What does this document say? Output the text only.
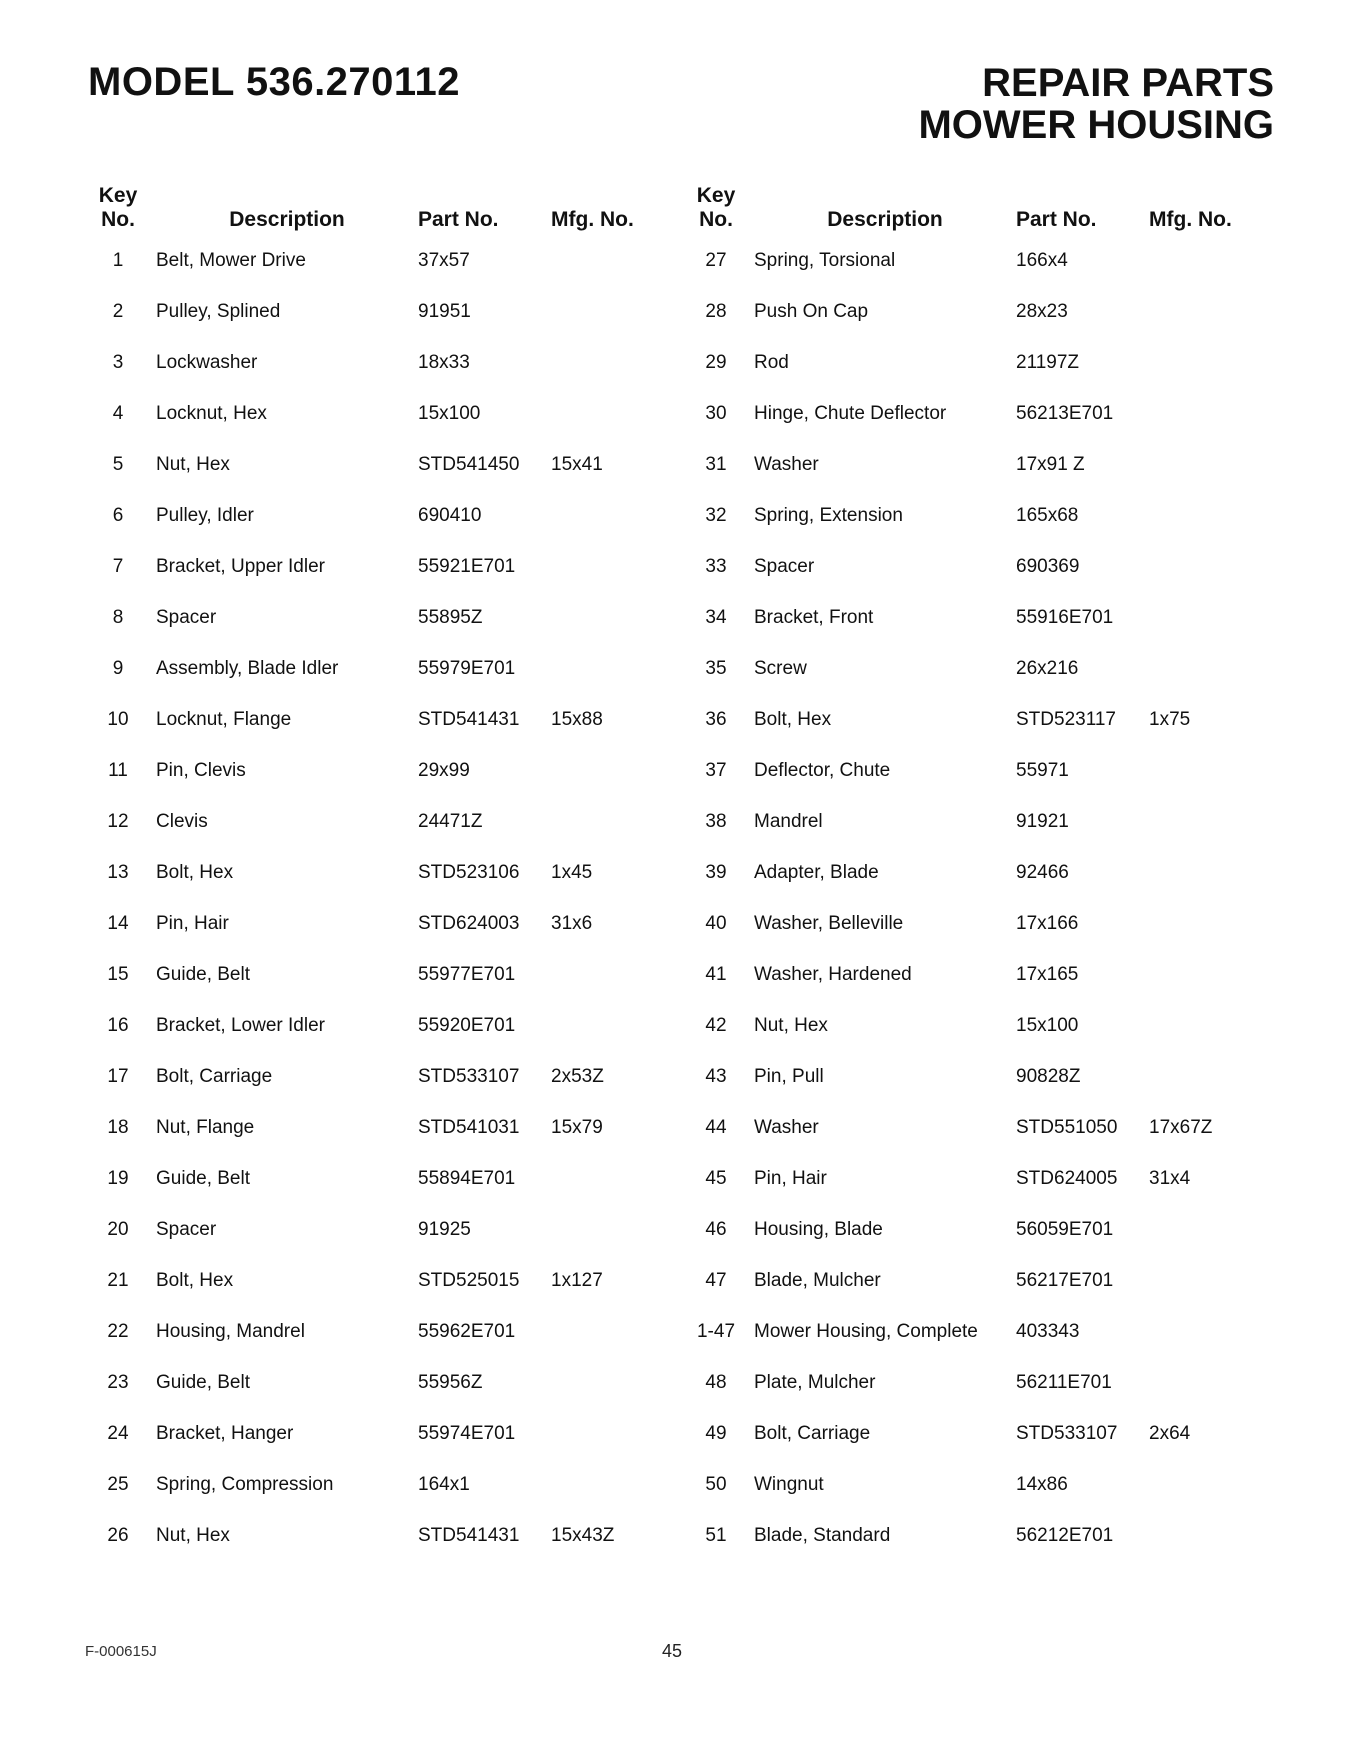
MODEL 536.270112	REPAIR PARTS
MOWER HOUSING
Key
No.	Description	Part No.	Mfg. No.
1	Belt, Mower Drive	37x57	
2	Pulley, Splined	91951	
3	Lockwasher	18x33	
4	Locknut, Hex	15x100	
5	Nut, Hex	STD541450	15x41
6	Pulley, Idler	690410	
7	Bracket, Upper Idler	55921E701	
8	Spacer	55895Z	
9	Assembly, Blade Idler	55979E701	
10	Locknut, Flange	STD541431	15x88
11	Pin, Clevis	29x99	
12	Clevis	24471Z	
13	Bolt, Hex	STD523106	1x45
14	Pin, Hair	STD624003	31x6
15	Guide, Belt	55977E701	
16	Bracket, Lower Idler	55920E701	
17	Bolt, Carriage	STD533107	2x53Z
18	Nut, Flange	STD541031	15x79
19	Guide, Belt	55894E701	
20	Spacer	91925	
21	Bolt, Hex	STD525015	1x127
22	Housing, Mandrel	55962E701	
23	Guide, Belt	55956Z	
24	Bracket, Hanger	55974E701	
25	Spring, Compression	164x1	
26	Nut, Hex	STD541431	15x43Z
Key
No.	Description	Part No.	Mfg. No.
27	Spring, Torsional	166x4	
28	Push On Cap	28x23	
29	Rod	21197Z	
30	Hinge, Chute Deflector	56213E701	
31	Washer	17x91 Z	
32	Spring, Extension	165x68	
33	Spacer	690369	
34	Bracket, Front	55916E701	
35	Screw	26x216	
36	Bolt, Hex	STD523117	1x75
37	Deflector, Chute	55971	
38	Mandrel	91921	
39	Adapter, Blade	92466	
40	Washer, Belleville	17x166	
41	Washer, Hardened	17x165	
42	Nut, Hex	15x100	
43	Pin, Pull	90828Z	
44	Washer	STD551050	17x67Z
45	Pin, Hair	STD624005	31x4
46	Housing, Blade	56059E701	
47	Blade, Mulcher	56217E701	
1-47	Mower Housing, Complete	403343	
48	Plate, Mulcher	56211E701	
49	Bolt, Carriage	STD533107	2x64
50	Wingnut	14x86	
51	Blade, Standard	56212E701	
F-000615J	45
